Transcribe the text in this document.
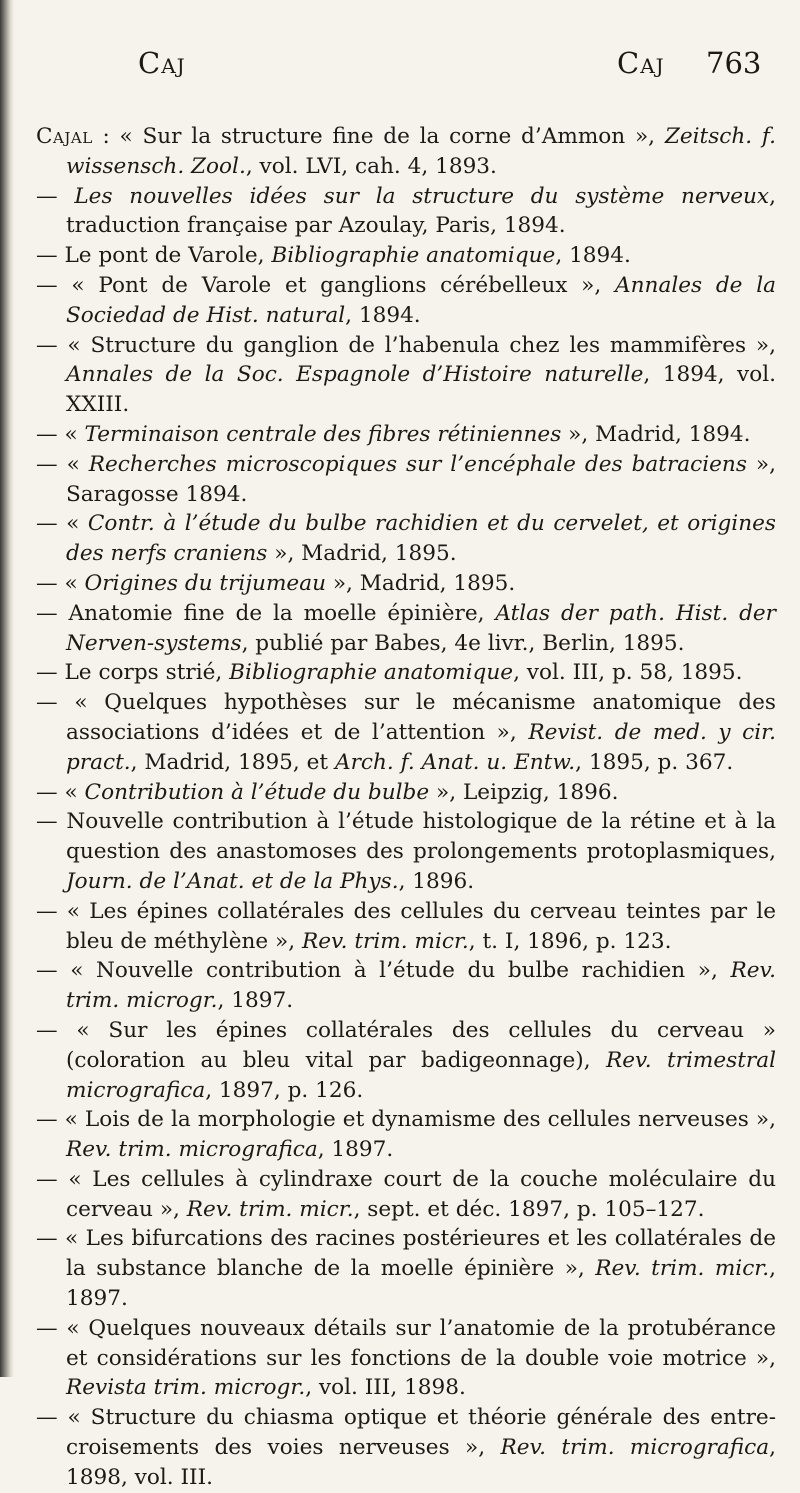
Caj	Caj 763

Cajal : « Sur la structure fine de la corne d’Ammon », Zeitsch. f. wissensch. Zool., vol. LVI, cah. 4, 1893.

— Les nouvelles idées sur la structure du système nerveux, traduction française par Azoulay, Paris, 1894.

— Le pont de Varole, Bibliographie anatomique, 1894.

— « Pont de Varole et ganglions cérébelleux », Annales de la Sociedad de Hist. natural, 1894.

— « Structure du ganglion de l’habenula chez les mammifères », Annales de la Soc. Espagnole d’Histoire naturelle, 1894, vol. XXIII.

— « Terminaison centrale des fibres rétiniennes », Madrid, 1894.

— « Recherches microscopiques sur l’encéphale des batraciens », Saragosse 1894.

— « Contr. à l’étude du bulbe rachidien et du cervelet, et origines des nerfs craniens », Madrid, 1895.

— « Origines du trijumeau », Madrid, 1895.

— Anatomie fine de la moelle épinière, Atlas der path. Hist. der Nerven-systems, publié par Babes, 4e livr., Berlin, 1895.

— Le corps strié, Bibliographie anatomique, vol. III, p. 58, 1895.

— « Quelques hypothèses sur le mécanisme anatomique des associations d’idées et de l’attention », Revist. de med. y cir. pract., Madrid, 1895, et Arch. f. Anat. u. Entw., 1895, p. 367.

— « Contribution à l’étude du bulbe », Leipzig, 1896.

— Nouvelle contribution à l’étude histologique de la rétine et à la question des anastomoses des prolongements protoplasmiques, Journ. de l’Anat. et de la Phys., 1896.

— « Les épines collatérales des cellules du cerveau teintes par le bleu de méthylène », Rev. trim. micr., t. I, 1896, p. 123.

— « Nouvelle contribution à l’étude du bulbe rachidien », Rev. trim. microgr., 1897.

— « Sur les épines collatérales des cellules du cerveau » (coloration au bleu vital par badigeonnage), Rev. trimestral micrografica, 1897, p. 126.

— « Lois de la morphologie et dynamisme des cellules nerveuses », Rev. trim. micrografica, 1897.

— « Les cellules à cylindraxe court de la couche moléculaire du cerveau », Rev. trim. micr., sept. et déc. 1897, p. 105–127.

— « Les bifurcations des racines postérieures et les collatérales de la substance blanche de la moelle épinière », Rev. trim. micr., 1897.

— « Quelques nouveaux détails sur l’anatomie de la protubérance et considérations sur les fonctions de la double voie motrice », Revista trim. microgr., vol. III, 1898.

— « Structure du chiasma optique et théorie générale des entre-croisements des voies nerveuses », Rev. trim. micrografica, 1898, vol. III.
